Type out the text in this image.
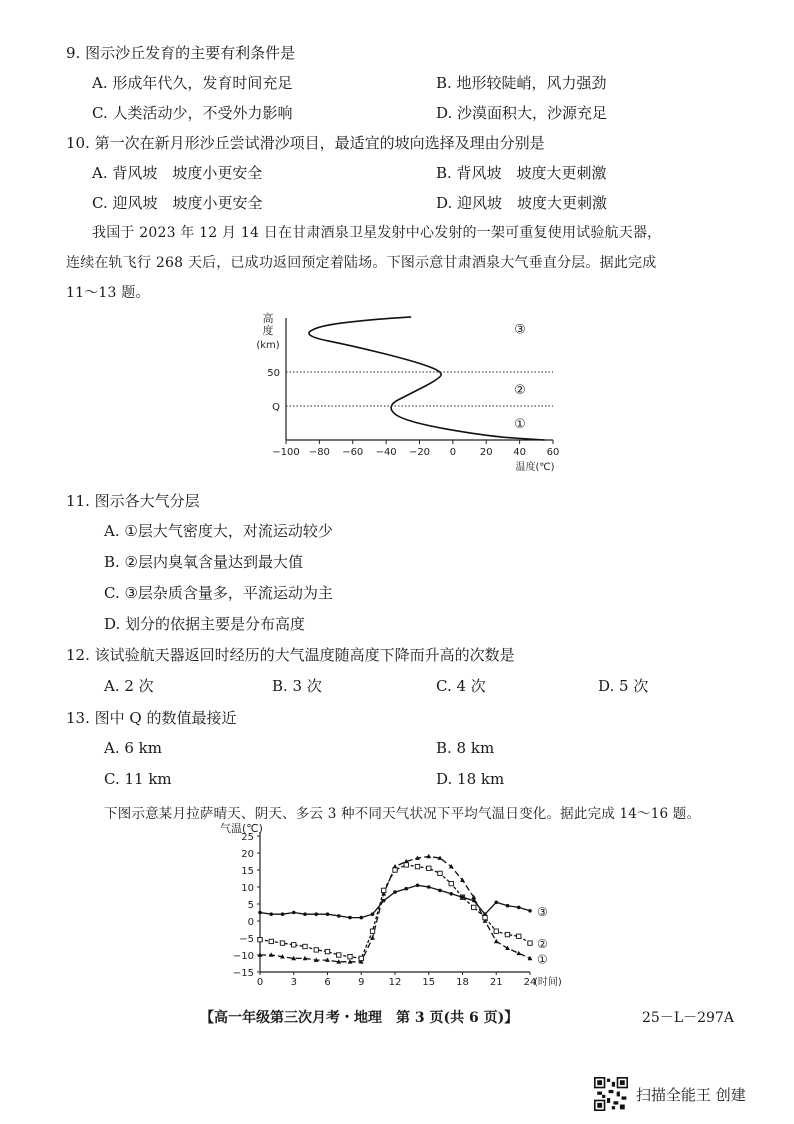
9. 图示沙丘发育的主要有利条件是
A. 形成年代久，发育时间充足	B. 地形较陡峭，风力强劲
C. 人类活动少，不受外力影响	D. 沙漠面积大，沙源充足
10. 第一次在新月形沙丘尝试滑沙项目，最适宜的坡向选择及理由分别是
A. 背风坡　坡度小更安全	B. 背风坡　坡度大更刺激
C. 迎风坡　坡度小更安全	D. 迎风坡　坡度大更刺激
我国于 2023 年 12 月 14 日在甘肃酒泉卫星发射中心发射的一架可重复使用试验航天器，
连续在轨飞行 268 天后，已成功返回预定着陆场。下图示意甘肃酒泉大气垂直分层。据此完成
11～13 题。
高
度
(km)
50
Q
−100 −80 −60 −40 −20 0 20 40 60
温度(℃)
①
②
③
11. 图示各大气分层
A. ①层大气密度大，对流运动较少
B. ②层内臭氧含量达到最大值
C. ③层杂质含量多，平流运动为主
D. 划分的依据主要是分布高度
12. 该试验航天器返回时经历的大气温度随高度下降而升高的次数是
A. 2 次	B. 3 次	C. 4 次	D. 5 次
13. 图中 Q 的数值最接近
A. 6 km	B. 8 km
C. 11 km	D. 18 km
下图示意某月拉萨晴天、阴天、多云 3 种不同天气状况下平均气温日变化。据此完成 14～16 题。
气温(℃)
−15
−10
−5
0
5
10
15
20
25
0	3	6	9 12 15 18 21 24
(时间)
①
②
③
【高一年级第三次月考・地理　第 3 页(共 6 页)】	25－L－297A
扫描全能王 创建
